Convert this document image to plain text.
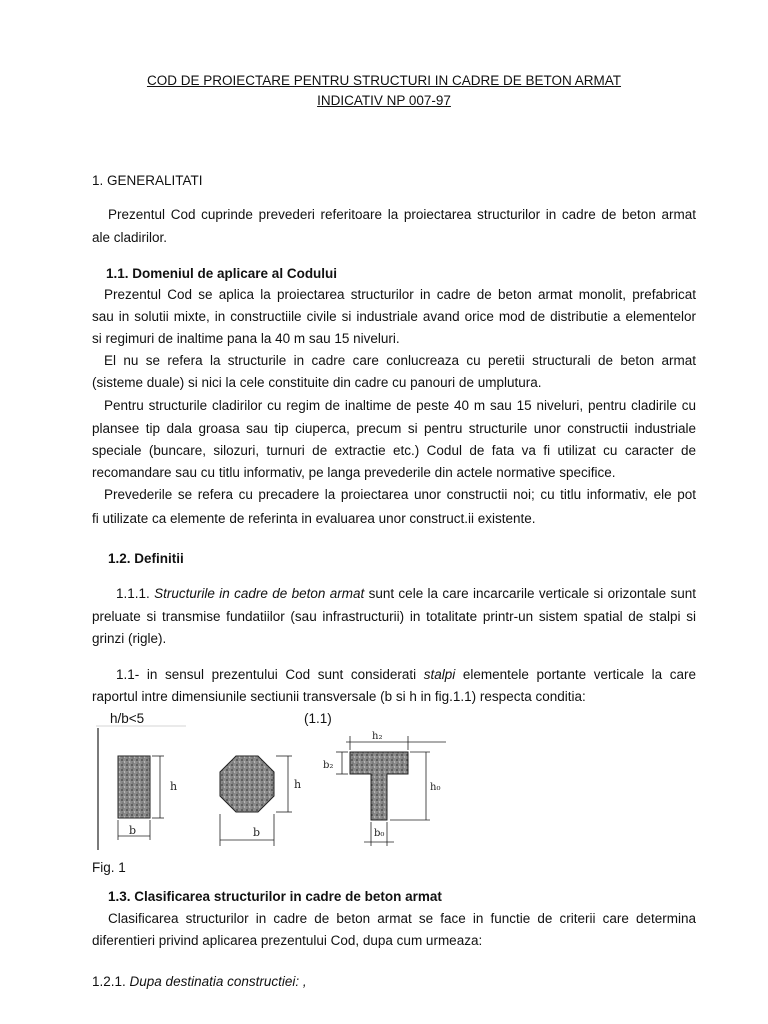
COD DE PROIECTARE PENTRU STRUCTURI IN CADRE DE BETON ARMAT
INDICATIV NP 007-97
1. GENERALITATI
Prezentul Cod cuprinde prevederi referitoare la proiectarea structurilor in cadre de beton armat
ale cladirilor.
1.1. Domeniul de aplicare al Codului
Prezentul Cod se aplica la proiectarea structurilor in cadre de beton armat monolit, prefabricat
sau in solutii mixte, in constructiile civile si industriale avand orice mod de distributie a elementelor
si regimuri de inaltime pana la 40 m sau 15 niveluri.
El nu se refera la structurile in cadre care conlucreaza cu peretii structurali de beton armat
(sisteme duale) si nici la cele constituite din cadre cu panouri de umplutura.
Pentru structurile cladirilor cu regim de inaltime de peste 40 m sau 15 niveluri, pentru cladirile cu
plansee tip dala groasa sau tip ciuperca, precum si pentru structurile unor constructii industriale
speciale (buncare, silozuri, turnuri de extractie etc.) Codul de fata va fi utilizat cu caracter de
recomandare sau cu titlu informativ, pe langa prevederile din actele normative specifice.
Prevederile se refera cu precadere la proiectarea unor constructii noi; cu titlu informativ, ele pot
fi utilizate ca elemente de referinta in evaluarea unor construct.ii existente.
1.2. Definitii
1.1.1. Structurile in cadre de beton armat sunt cele la care incarcarile verticale si orizontale sunt
preluate si transmise fundatiilor (sau infrastructurii) in totalitate printr-un sistem spatial de stalpi si
grinzi (rigle).
1.1- in sensul prezentului Cod sunt considerati stalpi elementele portante verticale la care
raportul intre dimensiunile sectiunii transversale (b si h in fig.1.1) respecta conditia:
h/b<5	(1.1)
h
b
h
b
h₂
b₂
h₀
b₀
Fig. 1
1.3. Clasificarea structurilor in cadre de beton armat
Clasificarea structurilor in cadre de beton armat se face in functie de criterii care determina
diferentieri privind aplicarea prezentului Cod, dupa cum urmeaza:
1.2.1. Dupa destinatia constructiei: ,
